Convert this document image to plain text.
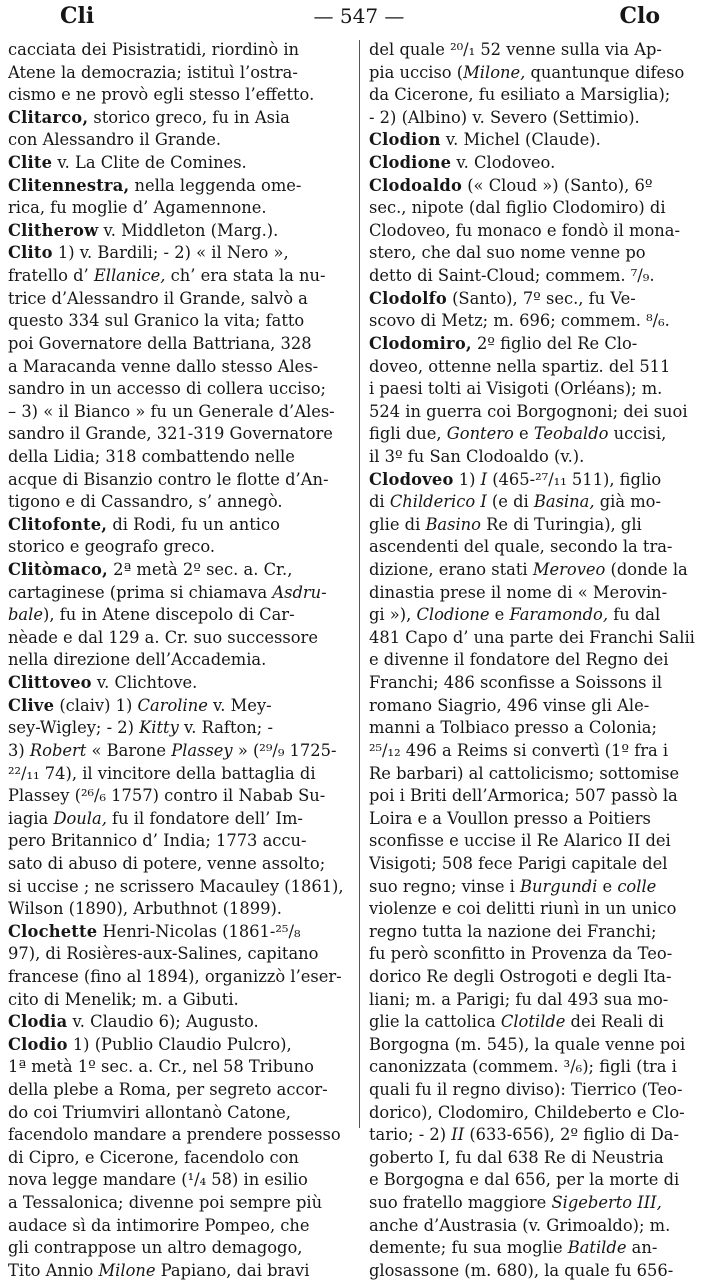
Cli	— 547 —	Clo
cacciata dei Pisistratidi, riordinò in
Atene la democrazia; istituì l’ostra-
cismo e ne provò egli stesso l’effetto.
Clitarco, storico greco, fu in Asia
con Alessandro il Grande.
Clite v. La Clite de Comines.
Clitennestra, nella leggenda ome-
rica, fu moglie d’ Agamennone.
Clitherow v. Middleton (Marg.).
Clito 1) v. Bardili; - 2) « il Nero »,
fratello d’ Ellanice, ch’ era stata la nu-
trice d’Alessandro il Grande, salvò a
questo 334 sul Granico la vita; fatto
poi Governatore della Battriana, 328
a Maracanda venne dallo stesso Ales-
sandro in un accesso di collera ucciso;
– 3) « il Bianco » fu un Generale d’Ales-
sandro il Grande, 321-319 Governatore
della Lidia; 318 combattendo nelle
acque di Bisanzio contro le flotte d’An-
tigono e di Cassandro, s’ annegò.
Clitofonte, di Rodi, fu un antico
storico e geografo greco.
Clitòmaco, 2ª metà 2º sec. a. Cr.,
cartaginese (prima si chiamava Asdru-
bale), fu in Atene discepolo di Car-
nèade e dal 129 a. Cr. suo successore
nella direzione dell’Accademia.
Clittoveo v. Clichtove.
Clive (claiv) 1) Caroline v. Mey-
sey-Wigley; - 2) Kitty v. Rafton; -
3) Robert « Barone Plassey » (²⁹/₉ 1725-
²²/₁₁ 74), il vincitore della battaglia di
Plassey (²⁶/₆ 1757) contro il Nabab Su-
iagia Doula, fu il fondatore dell’ Im-
pero Britannico d’ India; 1773 accu-
sato di abuso di potere, venne assolto;
si uccise ; ne scrissero Macauley (1861),
Wilson (1890), Arbuthnot (1899).
Clochette Henri-Nicolas (1861-²⁵/₈
97), di Rosières-aux-Salines, capitano
francese (fino al 1894), organizzò l’eser-
cito di Menelik; m. a Gibuti.
Clodia v. Claudio 6); Augusto.
Clodio 1) (Publio Claudio Pulcro),
1ª metà 1º sec. a. Cr., nel 58 Tribuno
della plebe a Roma, per segreto accor-
do coi Triumviri allontanò Catone,
facendolo mandare a prendere possesso
di Cipro, e Cicerone, facendolo con
nova legge mandare (¹/₄ 58) in esilio
a Tessalonica; divenne poi sempre più
audace sì da intimorire Pompeo, che
gli contrappose un altro demagogo,
Tito Annio Milone Papiano, dai bravi
del quale ²⁰/₁ 52 venne sulla via Ap-
pia ucciso (Milone, quantunque difeso
da Cicerone, fu esiliato a Marsiglia);
- 2) (Albino) v. Severo (Settimio).
Clodion v. Michel (Claude).
Clodione v. Clodoveo.
Clodoaldo (« Cloud ») (Santo), 6º
sec., nipote (dal figlio Clodomiro) di
Clodoveo, fu monaco e fondò il mona-
stero, che dal suo nome venne po
detto di Saint-Cloud; commem. ⁷/₉.
Clodolfo (Santo), 7º sec., fu Ve-
scovo di Metz; m. 696; commem. ⁸/₆.
Clodomiro, 2º figlio del Re Clo-
doveo, ottenne nella spartiz. del 511
i paesi tolti ai Visigoti (Orléans); m.
524 in guerra coi Borgognoni; dei suoi
figli due, Gontero e Teobaldo uccisi,
il 3º fu San Clodoaldo (v.).
Clodoveo 1) I (465-²⁷/₁₁ 511), figlio
di Childerico I (e di Basina, già mo-
glie di Basino Re di Turingia), gli
ascendenti del quale, secondo la tra-
dizione, erano stati Meroveo (donde la
dinastia prese il nome di « Merovin-
gi »), Clodione e Faramondo, fu dal
481 Capo d’ una parte dei Franchi Salii
e divenne il fondatore del Regno dei
Franchi; 486 sconfisse a Soissons il
romano Siagrio, 496 vinse gli Ale-
manni a Tolbiaco presso a Colonia;
²⁵/₁₂ 496 a Reims si convertì (1º fra i
Re barbari) al cattolicismo; sottomise
poi i Briti dell’Armorica; 507 passò la
Loira e a Voullon presso a Poitiers
sconfisse e uccise il Re Alarico II dei
Visigoti; 508 fece Parigi capitale del
suo regno; vinse i Burgundi e colle
violenze e coi delitti riunì in un unico
regno tutta la nazione dei Franchi;
fu però sconfitto in Provenza da Teo-
dorico Re degli Ostrogoti e degli Ita-
liani; m. a Parigi; fu dal 493 sua mo-
glie la cattolica Clotilde dei Reali di
Borgogna (m. 545), la quale venne poi
canonizzata (commem. ³/₆); figli (tra i
quali fu il regno diviso): Tierrico (Teo-
dorico), Clodomiro, Childeberto e Clo-
tario; - 2) II (633-656), 2º figlio di Da-
goberto I, fu dal 638 Re di Neustria
e Borgogna e dal 656, per la morte di
suo fratello maggiore Sigeberto III,
anche d’Austrasia (v. Grimoaldo); m.
demente; fu sua moglie Batilde an-
glosassone (m. 680), la quale fu 656-
